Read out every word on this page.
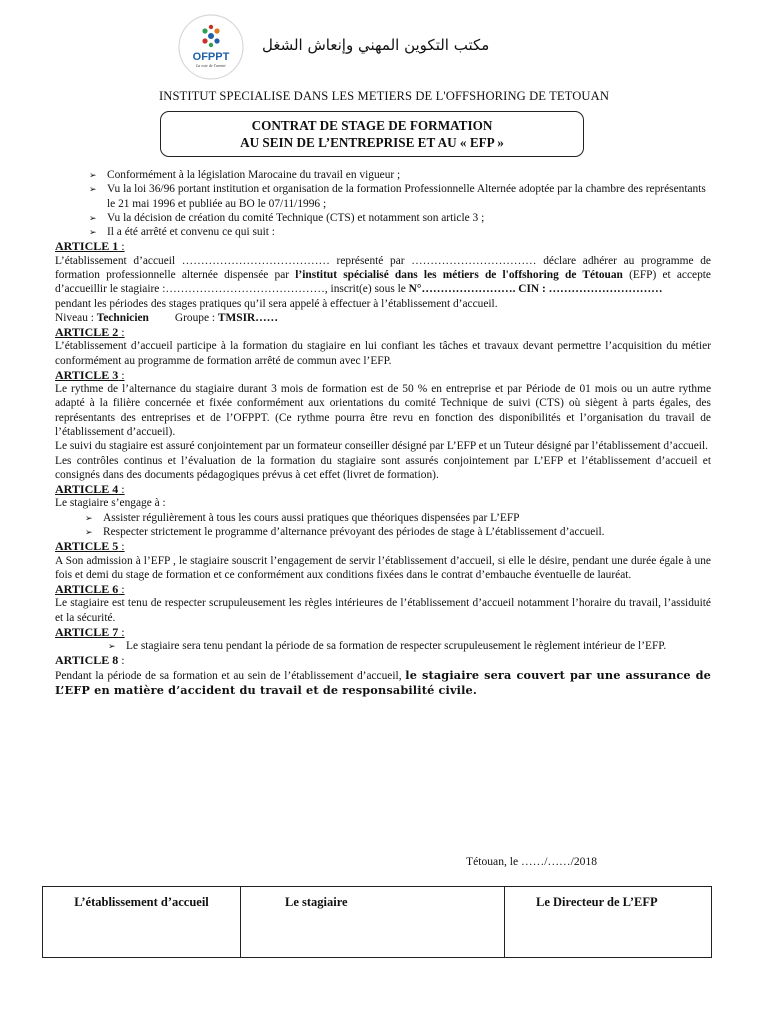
OFPPT
La voie de l'avenir
مكتب التكوين المهني وإنعاش الشغل
INSTITUT SPECIALISE DANS LES METIERS DE L'OFFSHORING DE TETOUAN
CONTRAT DE STAGE DE FORMATION
AU SEIN DE L’ENTREPRISE ET AU « EFP »
➢ Conformément à la législation Marocaine du travail en vigueur ;
➢ Vu la loi 36/96 portant institution et organisation de la formation Professionnelle Alternée adoptée par la chambre des représentants le 21 mai 1996 et publiée au BO le 07/11/1996 ;
➢ Vu la décision de création du comité Technique (CTS) et notamment son article 3 ;
➢ Il a été arrêté et convenu ce qui suit :
ARTICLE 1 :
L’établissement d’accueil ………………………………… représenté par …………………………… déclare adhérer au programme de formation professionnelle alternée dispensée par l’institut spécialisé dans les métiers de l'offshoring de Tétouan (EFP) et accepte d’accueillir le stagiaire :……………………………………, inscrit(e) sous le N°……………………. CIN : …………………………
pendant les périodes des stages pratiques qu’il sera appelé à effectuer à l’établissement d’accueil.
Niveau : Technicien Groupe : TMSIR……
ARTICLE 2 :
L’établissement d’accueil participe à la formation du stagiaire en lui confiant les tâches et travaux devant permettre l’acquisition du métier conformément au programme de formation arrêté de commun avec l’EFP.
ARTICLE 3 :
Le rythme de l’alternance du stagiaire durant 3 mois de formation est de 50 % en entreprise et par Période de 01 mois ou un autre rythme adapté à la filière concernée et fixée conformément aux orientations du comité Technique de suivi (CTS) où siègent à parts égales, des représentants des entreprises et de l’OFPPT. (Ce rythme pourra être revu en fonction des disponibilités et l’organisation du travail de l’établissement d’accueil).
Le suivi du stagiaire est assuré conjointement par un formateur conseiller désigné par L’EFP et un Tuteur désigné par l’établissement d’accueil.
Les contrôles continus et l’évaluation de la formation du stagiaire sont assurés conjointement par L’EFP et l’établissement d’accueil et consignés dans des documents pédagogiques prévus à cet effet (livret de formation).
ARTICLE 4 :
Le stagiaire s’engage à :
➢ Assister régulièrement à tous les cours aussi pratiques que théoriques dispensées par L’EFP
➢ Respecter strictement le programme d’alternance prévoyant des périodes de stage à L’établissement d’accueil.
ARTICLE 5 :
A Son admission à l’EFP , le stagiaire souscrit l’engagement de servir l’établissement d’accueil, si elle le désire, pendant une durée égale à une fois et demi du stage de formation et ce conformément aux conditions fixées dans le contrat d’embauche éventuelle de lauréat.
ARTICLE 6 :
Le stagiaire est tenu de respecter scrupuleusement les règles intérieures de l’établissement d’accueil notamment l’horaire du travail, l’assiduité et la sécurité.
ARTICLE 7 :
➢ Le stagiaire sera tenu pendant la période de sa formation de respecter scrupuleusement le règlement intérieur de l’EFP.
ARTICLE 8 :
Pendant la période de sa formation et au sein de l’établissement d’accueil, le stagiaire sera couvert par une assurance de L’EFP en matière d’accident du travail et de responsabilité civile.
Tétouan, le ……/……/2018
L’établissement d’accueil	Le stagiaire	Le Directeur de L’EFP
